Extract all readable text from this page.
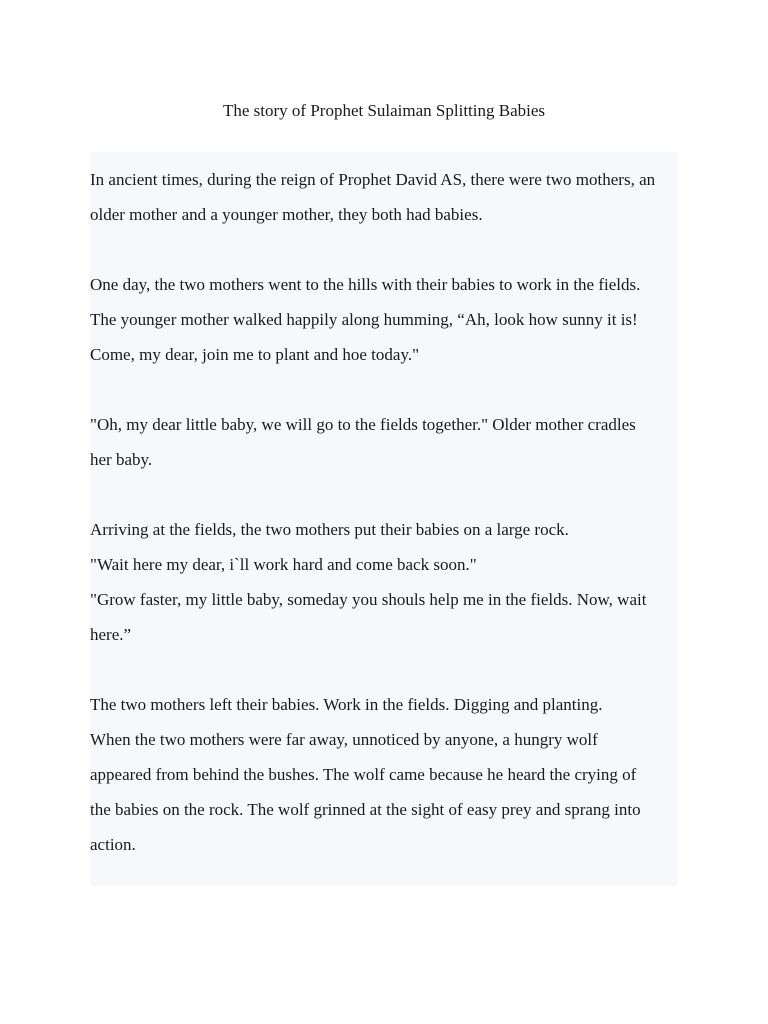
The story of Prophet Sulaiman Splitting Babies

In ancient times, during the reign of Prophet David AS, there were two mothers, an
older mother and a younger mother, they both had babies.

One day, the two mothers went to the hills with their babies to work in the fields.
The younger mother walked happily along humming, “Ah, look how sunny it is!
Come, my dear, join me to plant and hoe today."

"Oh, my dear little baby, we will go to the fields together." Older mother cradles
her baby.

Arriving at the fields, the two mothers put their babies on a large rock.
"Wait here my dear, i`ll work hard and come back soon."
"Grow faster, my little baby, someday you shouls help me in the fields. Now, wait
here.”

The two mothers left their babies. Work in the fields. Digging and planting.
When the two mothers were far away, unnoticed by anyone, a hungry wolf
appeared from behind the bushes. The wolf came because he heard the crying of
the babies on the rock. The wolf grinned at the sight of easy prey and sprang into
action.
